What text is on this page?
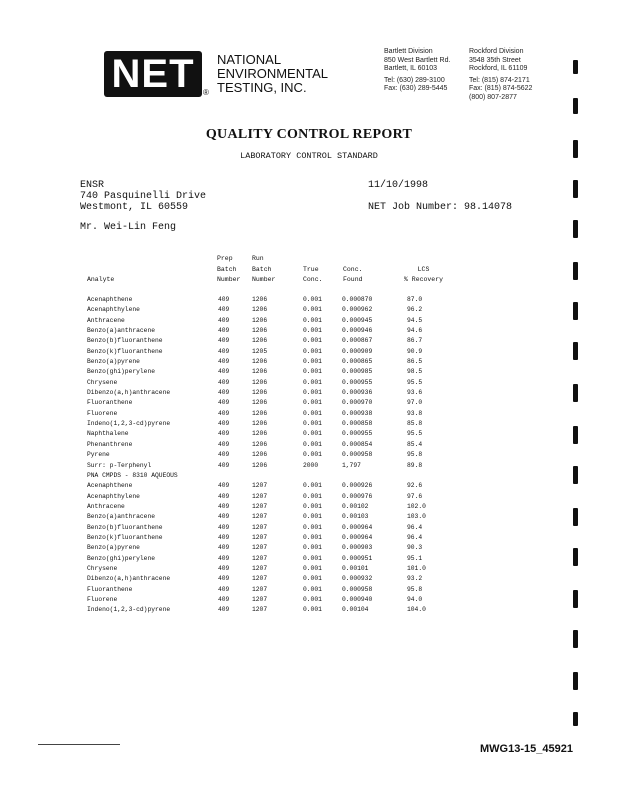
NET	®
NATIONAL
ENVIRONMENTAL
TESTING, INC.
Bartlett Division
850 West Bartlett Rd.
Bartlett, IL 60103
Tel: (630) 289-3100
Fax: (630) 289-5445
Rockford Division
3548 35th Street
Rockford, IL 61109
Tel: (815) 874-2171
Fax: (815) 874-5622
(800) 807-2877
QUALITY CONTROL REPORT
LABORATORY CONTROL STANDARD
ENSR
740 Pasquinelli Drive
Westmont, IL 60559
11/10/1998
NET Job Number: 98.14078
Mr. Wei-Lin Feng
Analyte
Prep
Batch
Number
Run
Batch
Number
True
Conc.
Conc.
Found
LCS
% Recovery
Acenaphthene	409	1206	0.001	0.000870	87.0
Acenaphthylene	409	1206	0.001	0.000962	96.2
Anthracene	409	1206	0.001	0.000945	94.5
Benzo(a)anthracene	409	1206	0.001	0.000946	94.6
Benzo(b)fluoranthene	409	1206	0.001	0.000867	86.7
Benzo(k)fluoranthene	409	1205	0.001	0.000909	90.9
Benzo(a)pyrene	409	1206	0.001	0.000865	86.5
Benzo(ghi)perylene	409	1206	0.001	0.000985	98.5
Chrysene	409	1206	0.001	0.000955	95.5
Dibenzo(a,h)anthracene	409	1206	0.001	0.000936	93.6
Fluoranthene	409	1206	0.001	0.000970	97.0
Fluorene	409	1206	0.001	0.000938	93.8
Indeno(1,2,3-cd)pyrene	409	1206	0.001	0.000858	85.8
Naphthalene	409	1206	0.001	0.000955	95.5
Phenanthrene	409	1206	0.001	0.000854	85.4
Pyrene	409	1206	0.001	0.000958	95.8
Surr: p-Terphenyl	409	1206	2000	1,797	89.8
PNA CMPDS - 8310 AQUEOUS
Acenaphthene	409	1207	0.001	0.000926	92.6
Acenaphthylene	409	1207	0.001	0.000976	97.6
Anthracene	409	1207	0.001	0.00102	102.0
Benzo(a)anthracene	409	1207	0.001	0.00103	103.0
Benzo(b)fluoranthene	409	1207	0.001	0.000964	96.4
Benzo(k)fluoranthene	409	1207	0.001	0.000964	96.4
Benzo(a)pyrene	409	1207	0.001	0.000903	90.3
Benzo(ghi)perylene	409	1207	0.001	0.000951	95.1
Chrysene	409	1207	0.001	0.00101	101.0
Dibenzo(a,h)anthracene	409	1207	0.001	0.000932	93.2
Fluoranthene	409	1207	0.001	0.000958	95.8
Fluorene	409	1207	0.001	0.000940	94.0
Indeno(1,2,3-cd)pyrene	409	1207	0.001	0.00104	104.0
MWG13-15_45921
